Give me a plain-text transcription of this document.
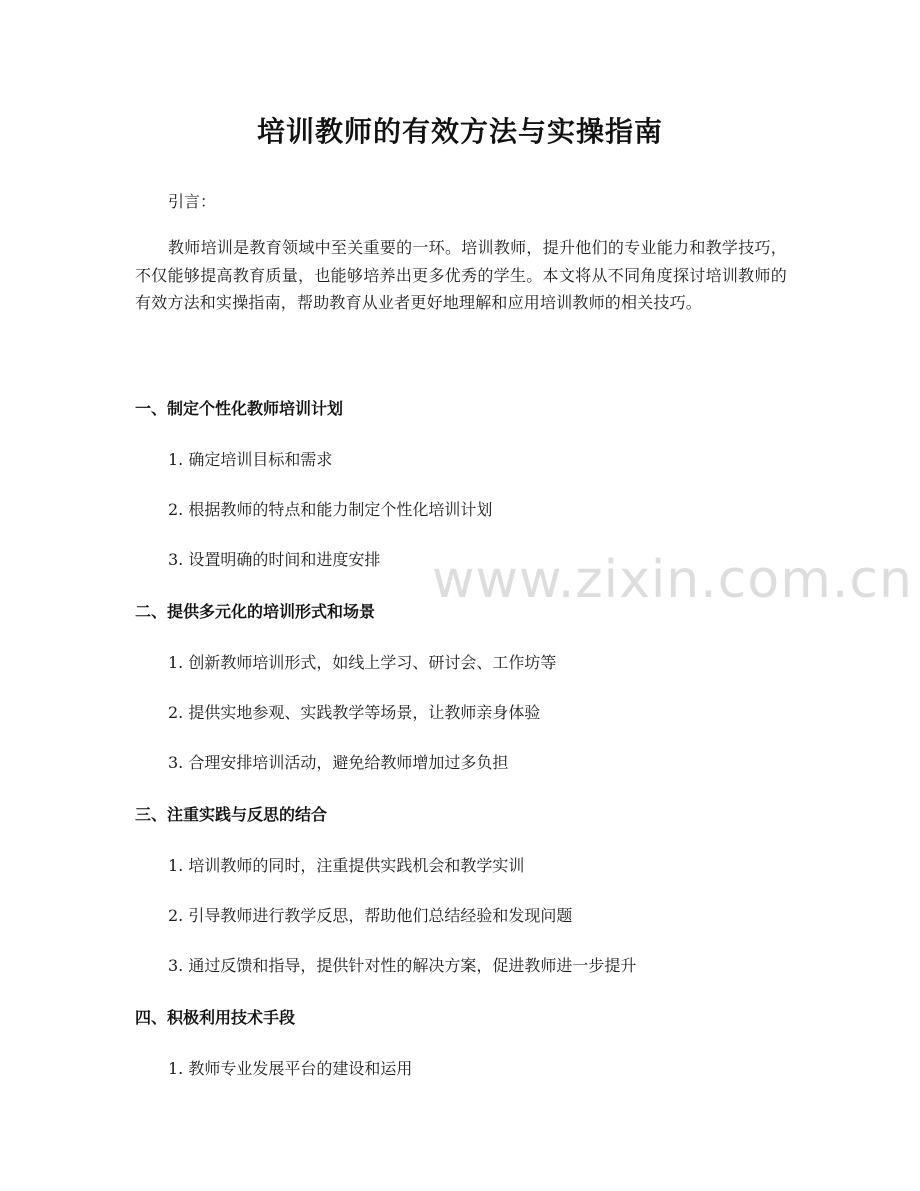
培训教师的有效方法与实操指南
引言：
教师培训是教育领域中至关重要的一环。培训教师，提升他们的专业能力和教学技巧，不仅能够提高教育质量，也能够培养出更多优秀的学生。本文将从不同角度探讨培训教师的有效方法和实操指南，帮助教育从业者更好地理解和应用培训教师的相关技巧。
一、制定个性化教师培训计划
1. 确定培训目标和需求
2. 根据教师的特点和能力制定个性化培训计划
3. 设置明确的时间和进度安排
二、提供多元化的培训形式和场景
1. 创新教师培训形式，如线上学习、研讨会、工作坊等
2. 提供实地参观、实践教学等场景，让教师亲身体验
3. 合理安排培训活动，避免给教师增加过多负担
三、注重实践与反思的结合
1. 培训教师的同时，注重提供实践机会和教学实训
2. 引导教师进行教学反思，帮助他们总结经验和发现问题
3. 通过反馈和指导，提供针对性的解决方案，促进教师进一步提升
四、积极利用技术手段
1. 教师专业发展平台的建设和运用
www.zixin.com.cn
